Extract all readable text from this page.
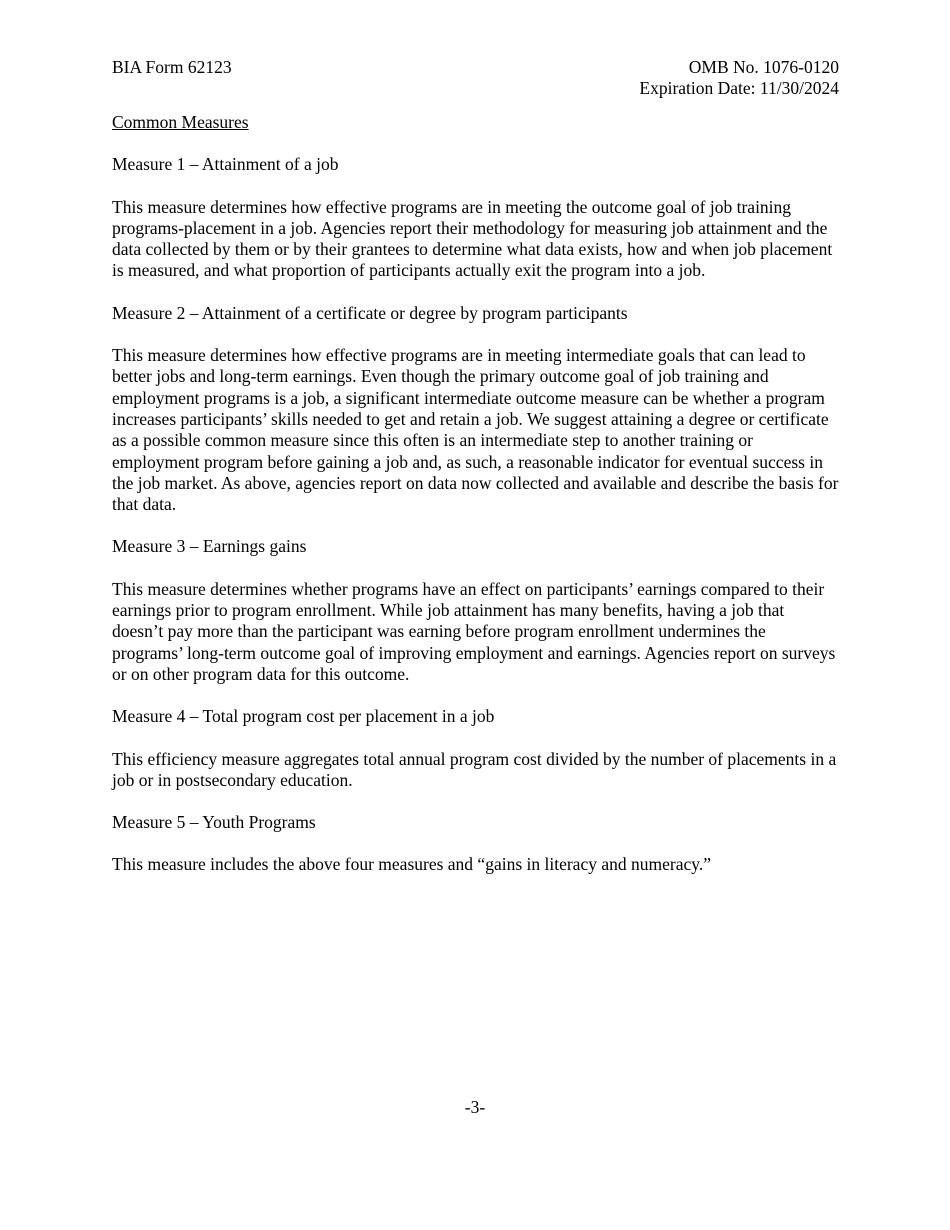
BIA Form 62123	OMB No. 1076-0120
Expiration Date: 11/30/2024
Common Measures
Measure 1 – Attainment of a job

This measure determines how effective programs are in meeting the outcome goal of job training programs-placement in a job. Agencies report their methodology for measuring job attainment and the data collected by them or by their grantees to determine what data exists, how and when job placement is measured, and what proportion of participants actually exit the program into a job.

Measure 2 – Attainment of a certificate or degree by program participants

This measure determines how effective programs are in meeting intermediate goals that can lead to better jobs and long-term earnings. Even though the primary outcome goal of job training and employment programs is a job, a significant intermediate outcome measure can be whether a program increases participants’ skills needed to get and retain a job. We suggest attaining a degree or certificate as a possible common measure since this often is an intermediate step to another training or employment program before gaining a job and, as such, a reasonable indicator for eventual success in the job market. As above, agencies report on data now collected and available and describe the basis for that data.

Measure 3 – Earnings gains

This measure determines whether programs have an effect on participants’ earnings compared to their earnings prior to program enrollment. While job attainment has many benefits, having a job that doesn’t pay more than the participant was earning before program enrollment undermines the programs’ long-term outcome goal of improving employment and earnings. Agencies report on surveys or on other program data for this outcome.

Measure 4 – Total program cost per placement in a job

This efficiency measure aggregates total annual program cost divided by the number of placements in a job or in postsecondary education.

Measure 5 – Youth Programs

This measure includes the above four measures and “gains in literacy and numeracy.”

-3-
